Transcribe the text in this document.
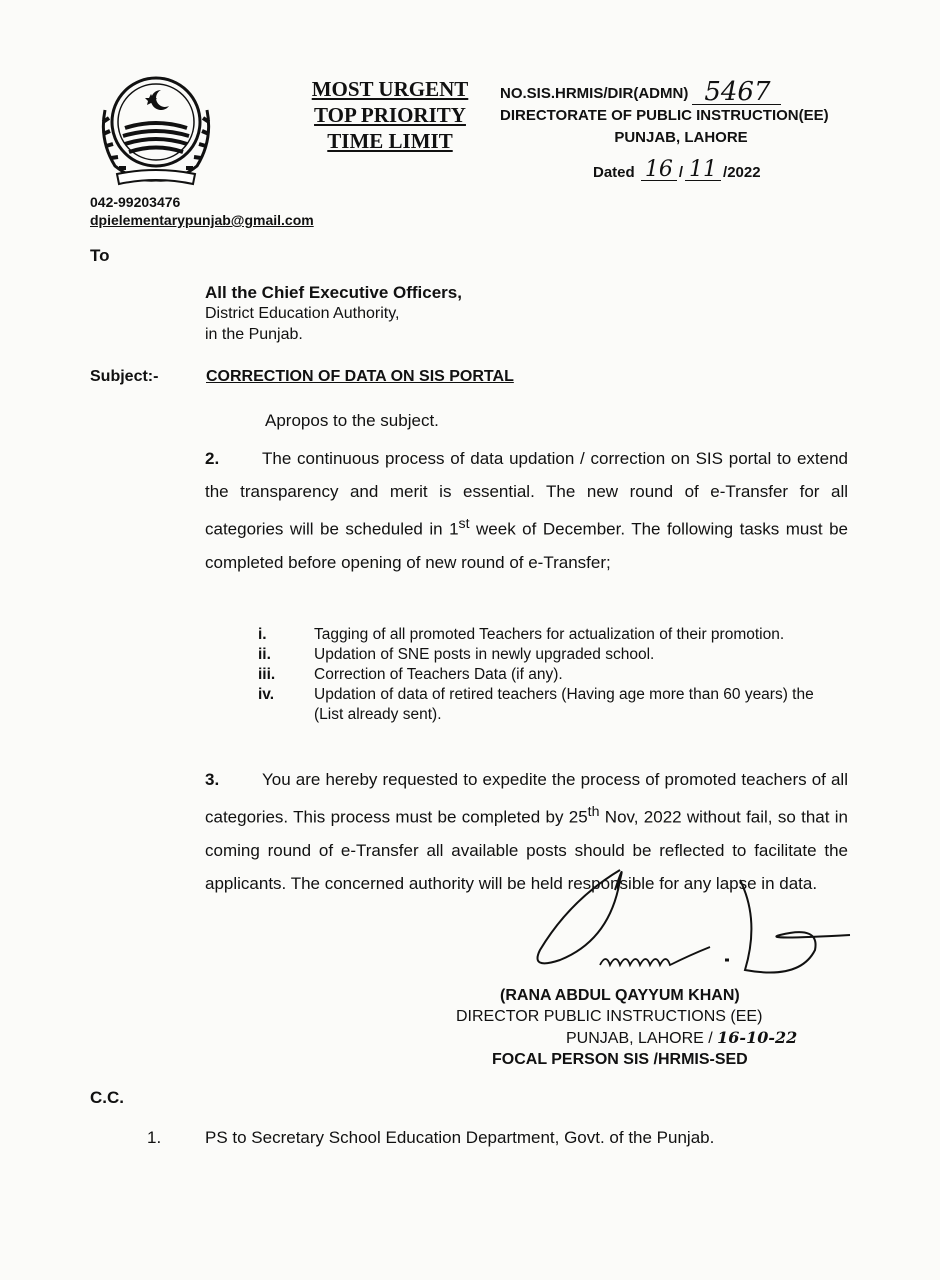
MOST URGENT
TOP PRIORITY
TIME LIMIT
NO.SIS.HRMIS/DIR(ADMN) 5467
DIRECTORATE OF PUBLIC INSTRUCTION(EE)
PUNJAB, LAHORE
Dated
16 / 11 / 2022
042-99203476
dpielementarypunjab@gmail.com
To
All the Chief Executive Officers,
District Education Authority,
in the Punjab.
Subject:-	CORRECTION OF DATA ON SIS PORTAL
Apropos to the subject.
2.	The continuous process of data updation / correction on SIS portal to extend the transparency and merit is essential. The new round of e-Transfer for all categories will be scheduled in 1st week of December. The following tasks must be completed before opening of new round of e-Transfer;
i.	Tagging of all promoted Teachers for actualization of their promotion.
ii.	Updation of SNE posts in newly upgraded school.
iii.	Correction of Teachers Data (if any).
iv.	Updation of data of retired teachers (Having age more than 60 years) the (List already sent).
3.	You are hereby requested to expedite the process of promoted teachers of all categories. This process must be completed by 25th Nov, 2022 without fail, so that in coming round of e-Transfer all available posts should be reflected to facilitate the applicants. The concerned authority will be held responsible for any lapse in data.
(RANA ABDUL QAYYUM KHAN)
DIRECTOR PUBLIC INSTRUCTIONS (EE)
PUNJAB, LAHORE / 16-10-22
FOCAL PERSON SIS /HRMIS-SED
C.C.
1.	PS to Secretary School Education Department, Govt. of the Punjab.
